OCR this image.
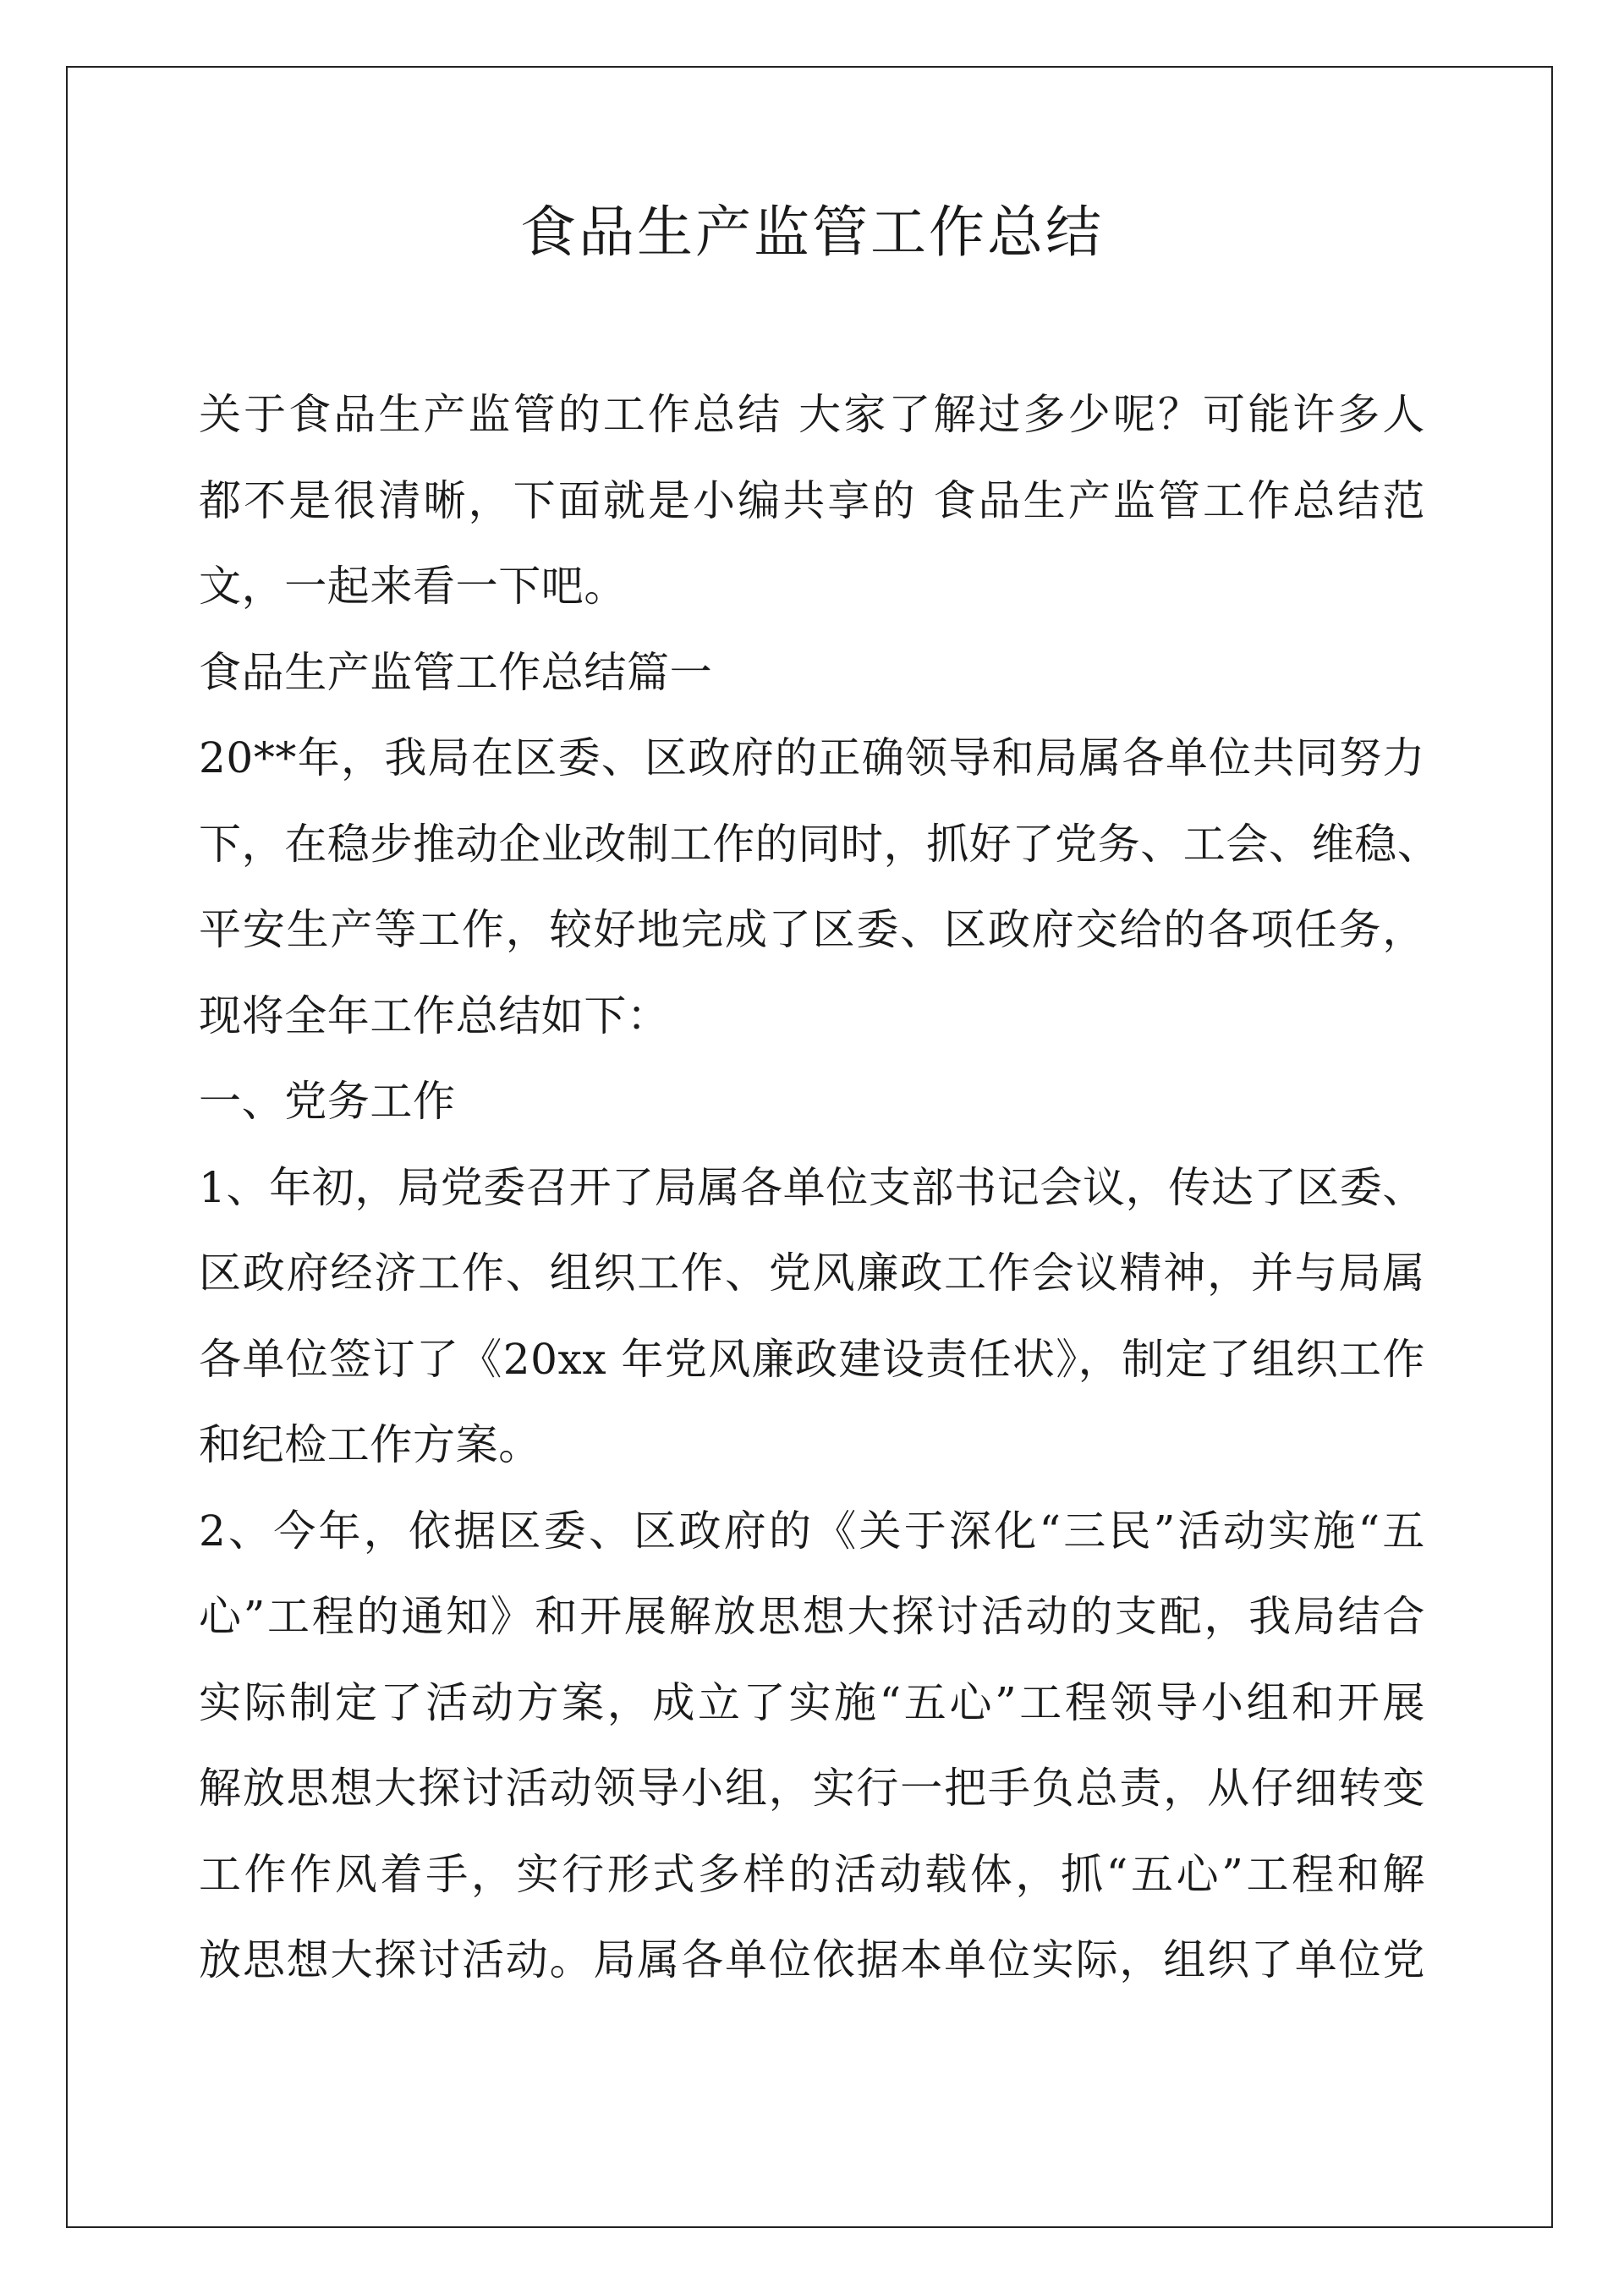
食品生产监管工作总结
关于食品生产监管的工作总结 大家了解过多少呢？可能许多人
都不是很清晰，下面就是小编共享的 食品生产监管工作总结范
文，一起来看一下吧。
食品生产监管工作总结篇一
20**年，我局在区委、区政府的正确领导和局属各单位共同努力
下，在稳步推动企业改制工作的同时，抓好了党务、工会、维稳、
平安生产等工作，较好地完成了区委、区政府交给的各项任务，
现将全年工作总结如下：
一、党务工作
1、年初，局党委召开了局属各单位支部书记会议，传达了区委、
区政府经济工作、组织工作、党风廉政工作会议精神，并与局属
各单位签订了《20xx 年党风廉政建设责任状》，制定了组织工作
和纪检工作方案。
2、今年，依据区委、区政府的《关于深化“三民”活动实施“五
心”工程的通知》和开展解放思想大探讨活动的支配，我局结合
实际制定了活动方案，成立了实施“五心”工程领导小组和开展
解放思想大探讨活动领导小组，实行一把手负总责，从仔细转变
工作作风着手，实行形式多样的活动载体，抓“五心”工程和解
放思想大探讨活动。局属各单位依据本单位实际，组织了单位党
